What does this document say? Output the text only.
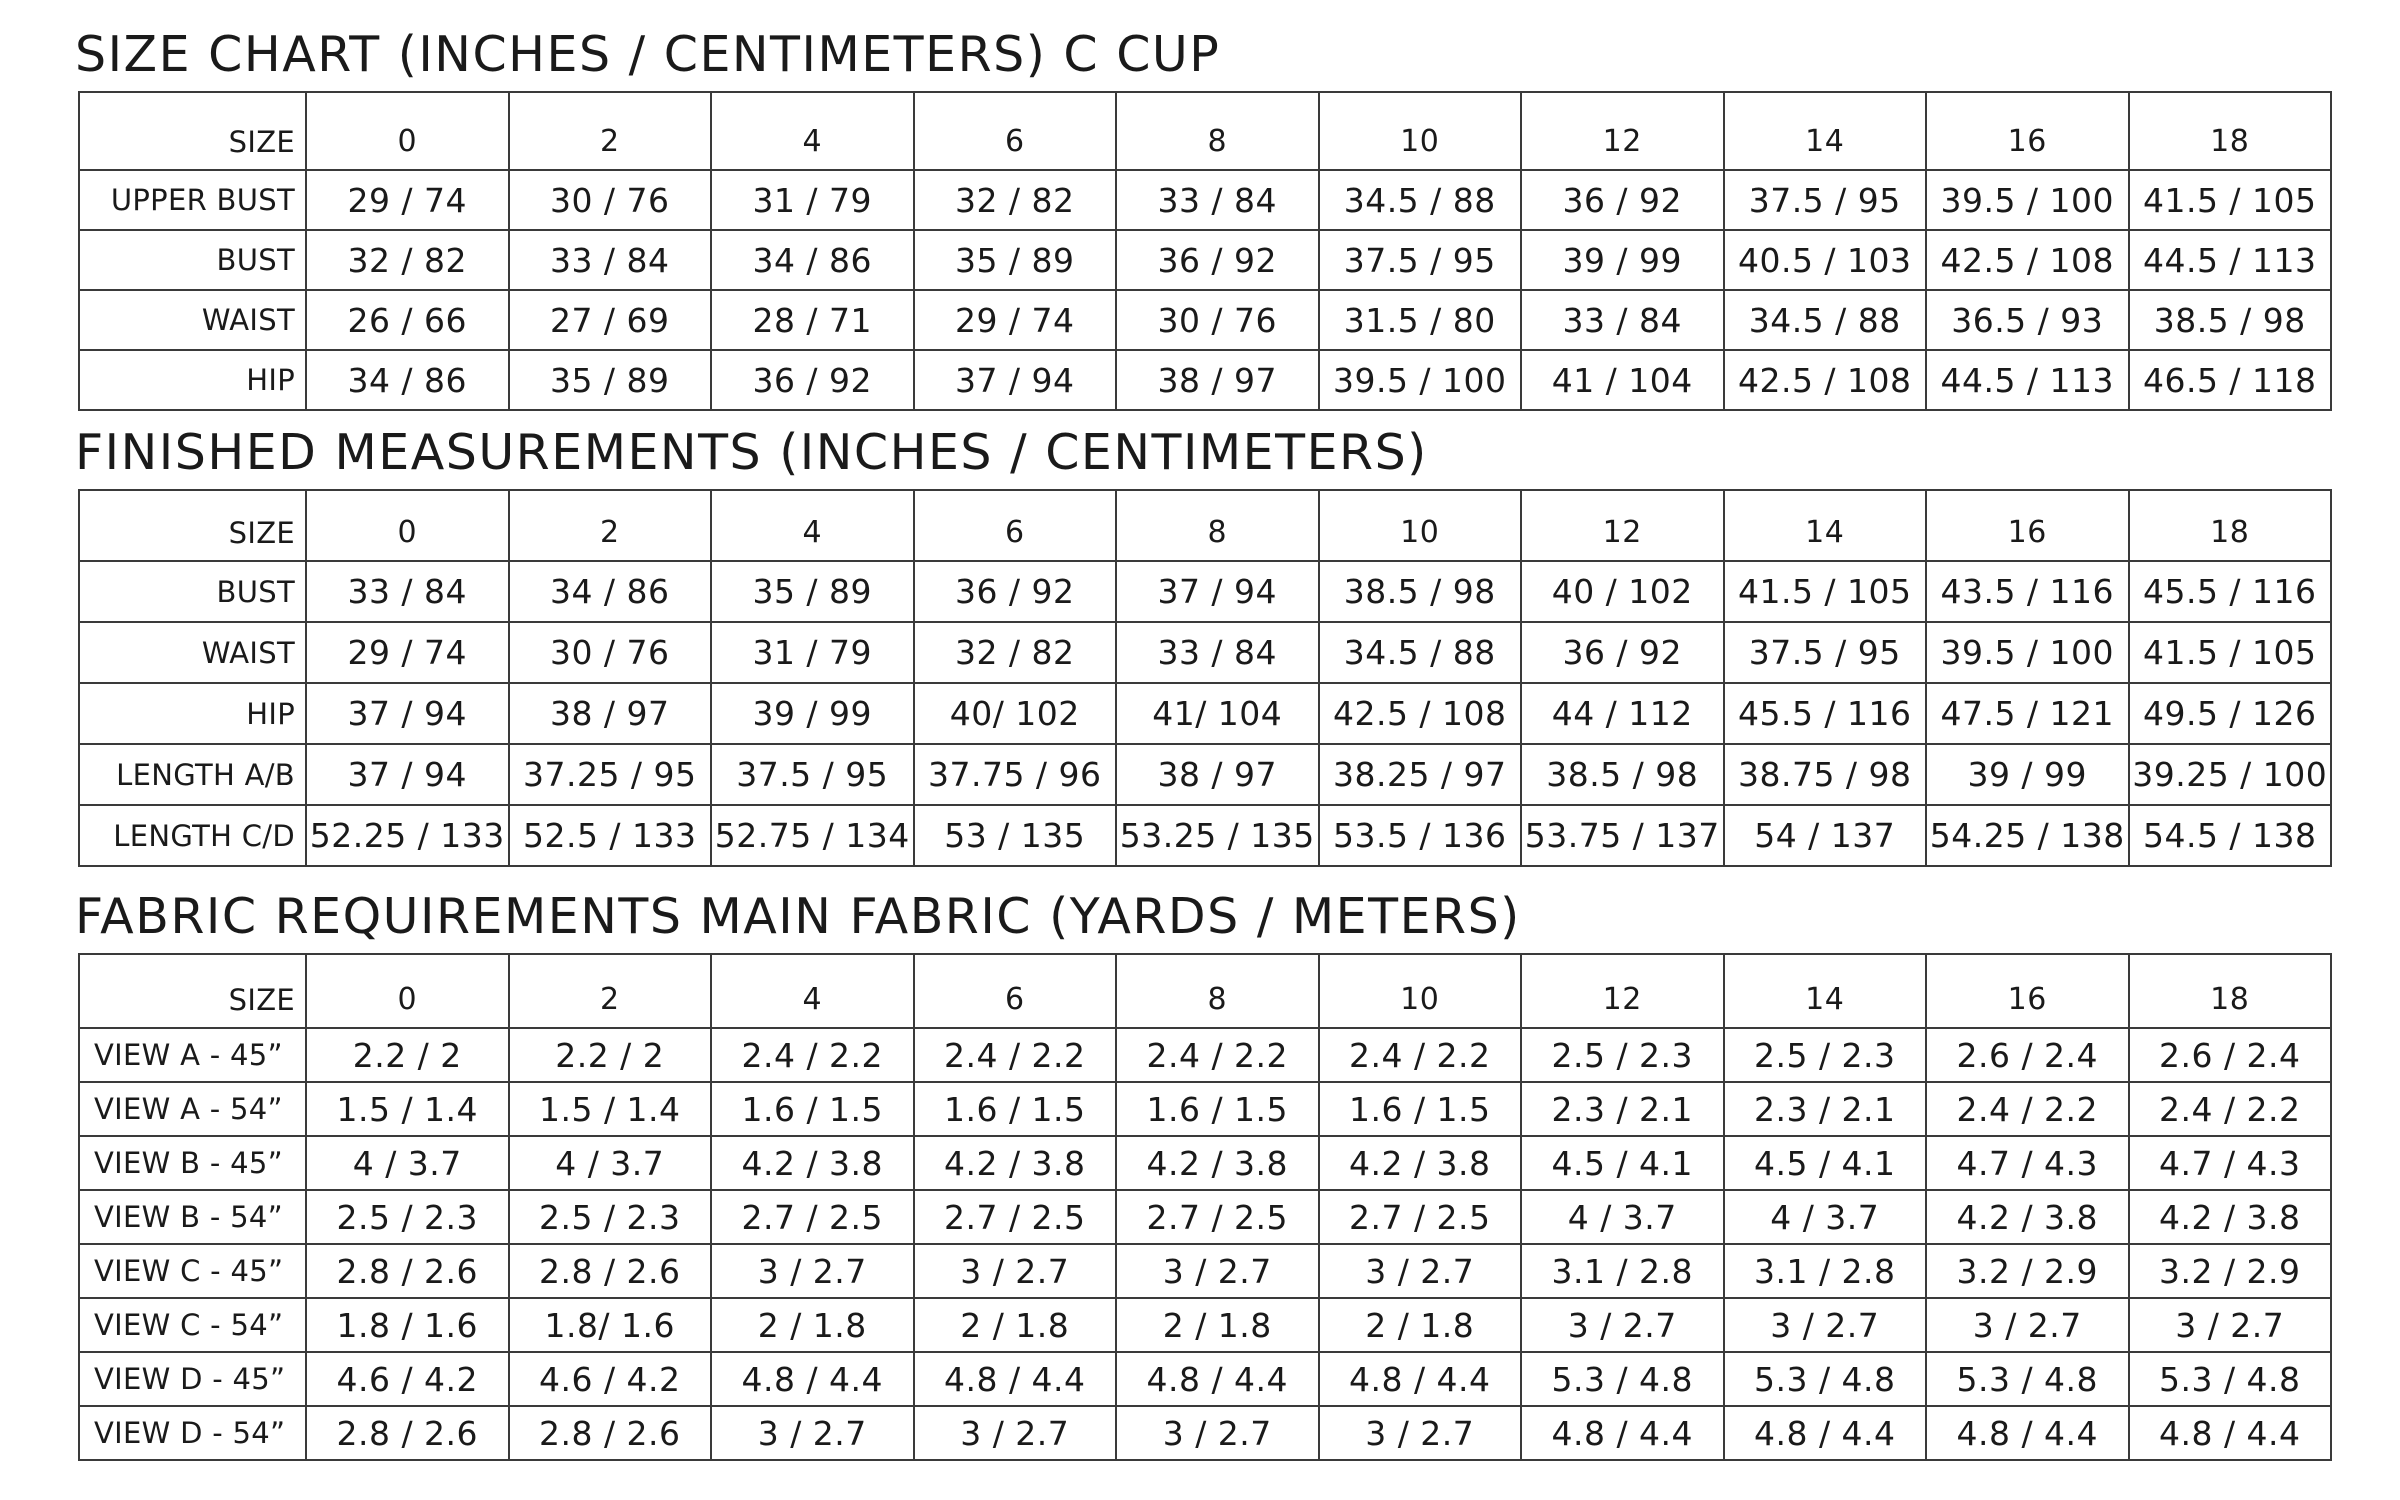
SIZE CHART (INCHES / CENTIMETERS) C CUP
SIZE	0	2	4	6	8	10	12	14	16	18
UPPER BUST	29 / 74	30 / 76	31 / 79	32 / 82	33 / 84	34.5 / 88	36 / 92	37.5 / 95	39.5 / 100	41.5 / 105
BUST	32 / 82	33 / 84	34 / 86	35 / 89	36 / 92	37.5 / 95	39 / 99	40.5 / 103	42.5 / 108	44.5 / 113
WAIST	26 / 66	27 / 69	28 / 71	29 / 74	30 / 76	31.5 / 80	33 / 84	34.5 / 88	36.5 / 93	38.5 / 98
HIP	34 / 86	35 / 89	36 / 92	37 / 94	38 / 97	39.5 / 100	41 / 104	42.5 / 108	44.5 / 113	46.5 / 118
FINISHED MEASUREMENTS (INCHES / CENTIMETERS)
SIZE	0	2	4	6	8	10	12	14	16	18
BUST	33 / 84	34 / 86	35 / 89	36 / 92	37 / 94	38.5 / 98	40 / 102	41.5 / 105	43.5 / 116	45.5 / 116
WAIST	29 / 74	30 / 76	31 / 79	32 / 82	33 / 84	34.5 / 88	36 / 92	37.5 / 95	39.5 / 100	41.5 / 105
HIP	37 / 94	38 / 97	39 / 99	40/ 102	41/ 104	42.5 / 108	44 / 112	45.5 / 116	47.5 / 121	49.5 / 126
LENGTH A/B	37 / 94	37.25 / 95	37.5 / 95	37.75 / 96	38 / 97	38.25 / 97	38.5 / 98	38.75 / 98	39 / 99	39.25 / 100
LENGTH C/D	52.25 / 133	52.5 / 133	52.75 / 134	53 / 135	53.25 / 135	53.5 / 136	53.75 / 137	54 / 137	54.25 / 138	54.5 / 138
FABRIC REQUIREMENTS MAIN FABRIC (YARDS / METERS)
SIZE	0	2	4	6	8	10	12	14	16	18
VIEW A - 45”	2.2 / 2	2.2 / 2	2.4 / 2.2	2.4 / 2.2	2.4 / 2.2	2.4 / 2.2	2.5 / 2.3	2.5 / 2.3	2.6 / 2.4	2.6 / 2.4
VIEW A - 54”	1.5 / 1.4	1.5 / 1.4	1.6 / 1.5	1.6 / 1.5	1.6 / 1.5	1.6 / 1.5	2.3 / 2.1	2.3 / 2.1	2.4 / 2.2	2.4 / 2.2
VIEW B - 45”	4 / 3.7	4 / 3.7	4.2 / 3.8	4.2 / 3.8	4.2 / 3.8	4.2 / 3.8	4.5 / 4.1	4.5 / 4.1	4.7 / 4.3	4.7 / 4.3
VIEW B - 54”	2.5 / 2.3	2.5 / 2.3	2.7 / 2.5	2.7 / 2.5	2.7 / 2.5	2.7 / 2.5	4 / 3.7	4 / 3.7	4.2 / 3.8	4.2 / 3.8
VIEW C - 45”	2.8 / 2.6	2.8 / 2.6	3 / 2.7	3 / 2.7	3 / 2.7	3 / 2.7	3.1 / 2.8	3.1 / 2.8	3.2 / 2.9	3.2 / 2.9
VIEW C - 54”	1.8 / 1.6	1.8/ 1.6	2 / 1.8	2 / 1.8	2 / 1.8	2 / 1.8	3 / 2.7	3 / 2.7	3 / 2.7	3 / 2.7
VIEW D - 45”	4.6 / 4.2	4.6 / 4.2	4.8 / 4.4	4.8 / 4.4	4.8 / 4.4	4.8 / 4.4	5.3 / 4.8	5.3 / 4.8	5.3 / 4.8	5.3 / 4.8
VIEW D - 54”	2.8 / 2.6	2.8 / 2.6	3 / 2.7	3 / 2.7	3 / 2.7	3 / 2.7	4.8 / 4.4	4.8 / 4.4	4.8 / 4.4	4.8 / 4.4
